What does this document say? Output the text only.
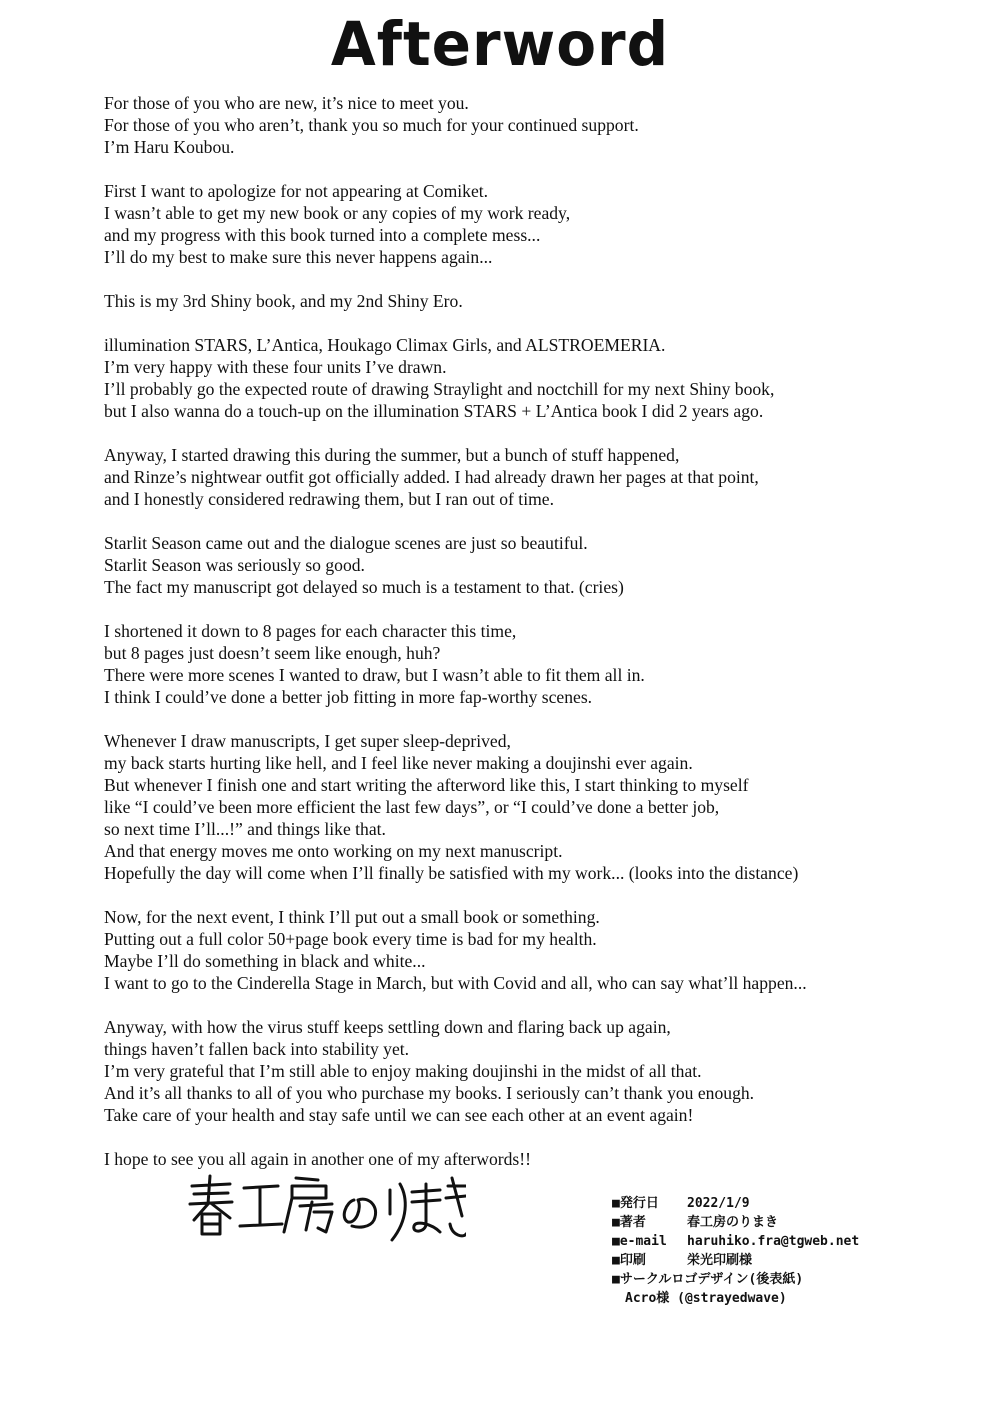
Afterword
For those of you who are new, it’s nice to meet you.
For those of you who aren’t, thank you so much for your continued support.
I’m Haru Koubou.
First I want to apologize for not appearing at Comiket.
I wasn’t able to get my new book or any copies of my work ready,
and my progress with this book turned into a complete mess...
I’ll do my best to make sure this never happens again...
This is my 3rd Shiny book, and my 2nd Shiny Ero.
illumination STARS, L’Antica, Houkago Climax Girls, and ALSTROEMERIA.
I’m very happy with these four units I’ve drawn.
I’ll probably go the expected route of drawing Straylight and noctchill for my next Shiny book,
but I also wanna do a touch-up on the illumination STARS + L’Antica book I did 2 years ago.
Anyway, I started drawing this during the summer, but a bunch of stuff happened,
and Rinze’s nightwear outfit got officially added. I had already drawn her pages at that point,
and I honestly considered redrawing them, but I ran out of time.
Starlit Season came out and the dialogue scenes are just so beautiful.
Starlit Season was seriously so good.
The fact my manuscript got delayed so much is a testament to that. (cries)
I shortened it down to 8 pages for each character this time,
but 8 pages just doesn’t seem like enough, huh?
There were more scenes I wanted to draw, but I wasn’t able to fit them all in.
I think I could’ve done a better job fitting in more fap-worthy scenes.
Whenever I draw manuscripts, I get super sleep-deprived,
my back starts hurting like hell, and I feel like never making a doujinshi ever again.
But whenever I finish one and start writing the afterword like this, I start thinking to myself
like “I could’ve been more efficient the last few days”, or “I could’ve done a better job,
so next time I’ll...!” and things like that.
And that energy moves me onto working on my next manuscript.
Hopefully the day will come when I’ll finally be satisfied with my work... (looks into the distance)
Now, for the next event, I think I’ll put out a small book or something.
Putting out a full color 50+page book every time is bad for my health.
Maybe I’ll do something in black and white...
I want to go to the Cinderella Stage in March, but with Covid and all, who can say what’ll happen...
Anyway, with how the virus stuff keeps settling down and flaring back up again,
things haven’t fallen back into stability yet.
I’m very grateful that I’m still able to enjoy making doujinshi in the midst of all that.
And it’s all thanks to all of you who purchase my books. I seriously can’t thank you enough.
Take care of your health and stay safe until we can see each other at an event again!
I hope to see you all again in another one of my afterwords!!
■発行日 2022/1/9
■著者	春工房のりまき
■e-mail haruhiko.fra@tgweb.net
■印刷	栄光印刷様
■サークルロゴデザイン(後表紙)
Acro様 (@strayedwave)
